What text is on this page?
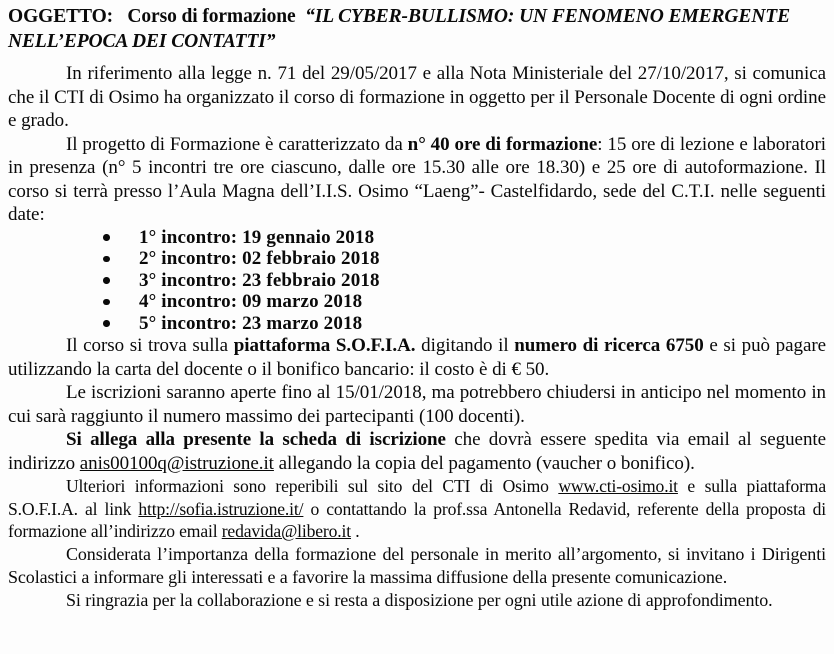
OGGETTO: Corso di formazione “IL CYBER-BULLISMO: UN FENOMENO EMERGENTE
NELL’EPOCA DEI CONTATTI”

In riferimento alla legge n. 71 del 29/05/2017 e alla Nota Ministeriale del 27/10/2017, si comunica che il CTI di Osimo ha organizzato il corso di formazione in oggetto per il Personale Docente di ogni ordine e grado.

Il progetto di Formazione è caratterizzato da n° 40 ore di formazione: 15 ore di lezione e laboratori in presenza (n° 5 incontri tre ore ciascuno, dalle ore 15.30 alle ore 18.30) e 25 ore di autoformazione. Il corso si terrà presso l’Aula Magna dell’I.I.S. Osimo “Laeng”- Castelfidardo, sede del C.T.I. nelle seguenti date:

1° incontro: 19 gennaio 2018
2° incontro: 02 febbraio 2018
3° incontro: 23 febbraio 2018
4° incontro: 09 marzo 2018
5° incontro: 23 marzo 2018

Il corso si trova sulla piattaforma S.O.F.I.A. digitando il numero di ricerca 6750 e si può pagare utilizzando la carta del docente o il bonifico bancario: il costo è di € 50.

Le iscrizioni saranno aperte fino al 15/01/2018, ma potrebbero chiudersi in anticipo nel momento in cui sarà raggiunto il numero massimo dei partecipanti (100 docenti).

Si allega alla presente la scheda di iscrizione che dovrà essere spedita via email al seguente indirizzo anis00100q@istruzione.it allegando la copia del pagamento (vaucher o bonifico).

Ulteriori informazioni sono reperibili sul sito del CTI di Osimo www.cti-osimo.it e sulla piattaforma S.O.F.I.A. al link http://sofia.istruzione.it/ o contattando la prof.ssa Antonella Redavid, referente della proposta di formazione all’indirizzo email redavida@libero.it .

Considerata l’importanza della formazione del personale in merito all’argomento, si invitano i Dirigenti Scolastici a informare gli interessati e a favorire la massima diffusione della presente comunicazione.

Si ringrazia per la collaborazione e si resta a disposizione per ogni utile azione di approfondimento.
